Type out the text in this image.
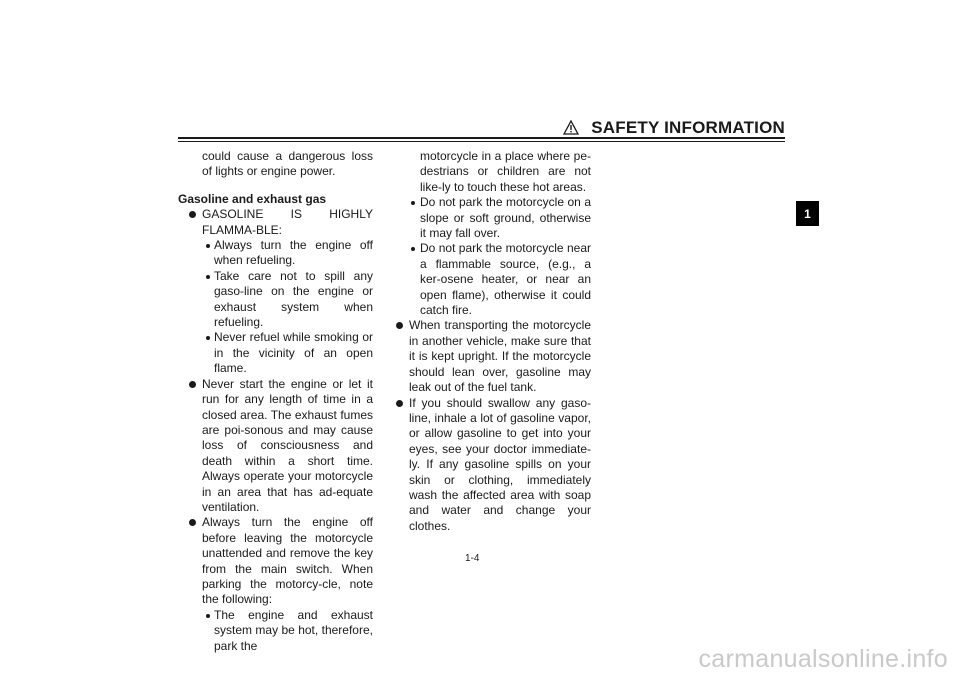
SAFETY INFORMATION
1
could cause a dangerous loss of lights or engine power.
Gasoline and exhaust gas
GASOLINE IS HIGHLY FLAMMA-BLE:
Always turn the engine off when refueling.
Take care not to spill any gaso-line on the engine or exhaust system when refueling.
Never refuel while smoking or in the vicinity of an open flame.
Never start the engine or let it run for any length of time in a closed area. The exhaust fumes are poi-sonous and may cause loss of consciousness and death within a short time. Always operate your motorcycle in an area that has ad-equate ventilation.
Always turn the engine off before leaving the motorcycle unattended and remove the key from the main switch. When parking the motorcy-cle, note the following:
The engine and exhaust system may be hot, therefore, park the
motorcycle in a place where pe-destrians or children are not like-ly to touch these hot areas.
Do not park the motorcycle on a slope or soft ground, otherwise it may fall over.
Do not park the motorcycle near a flammable source, (e.g., a ker-osene heater, or near an open flame), otherwise it could catch fire.
When transporting the motorcycle in another vehicle, make sure that it is kept upright. If the motorcycle should lean over, gasoline may leak out of the fuel tank.
If you should swallow any gaso-line, inhale a lot of gasoline vapor, or allow gasoline to get into your eyes, see your doctor immediate-ly. If any gasoline spills on your skin or clothing, immediately wash the affected area with soap and water and change your clothes.
1-4
carmanualsonline.info
